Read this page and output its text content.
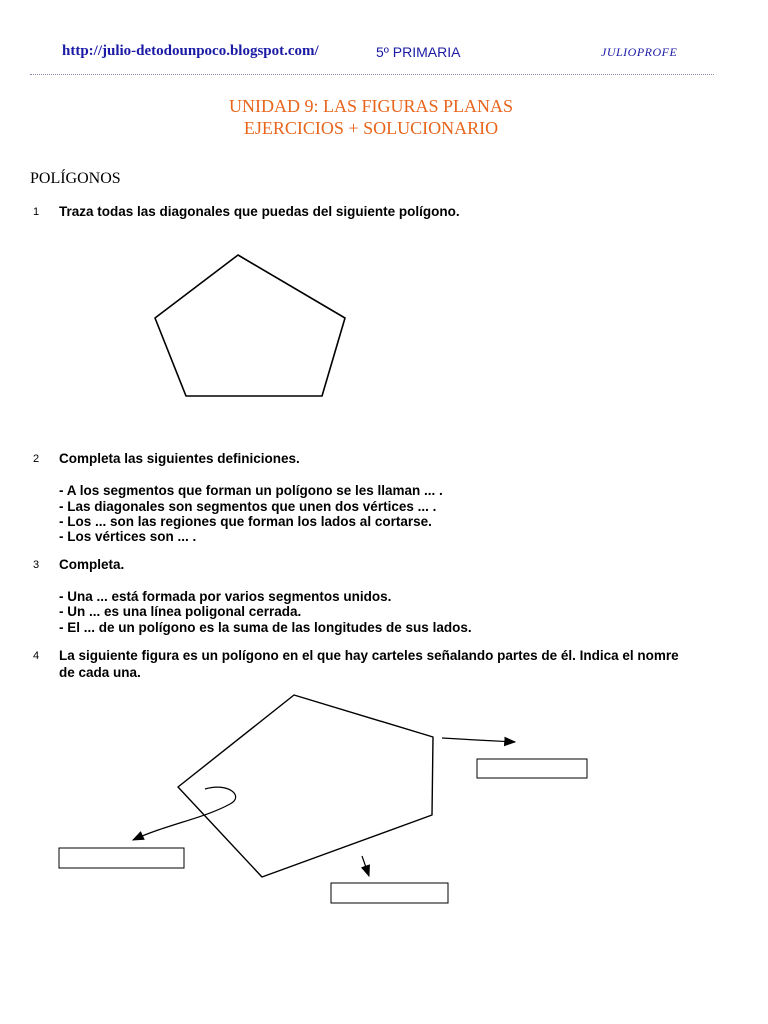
http://julio-detodounpoco.blogspot.com/	5º PRIMARIA	JULIOPROFE
UNIDAD 9: LAS FIGURAS PLANAS
EJERCICIOS + SOLUCIONARIO
POLÍGONOS
1 Traza todas las diagonales que puedas del siguiente polígono.
2 Completa las siguientes definiciones.
- A los segmentos que forman un polígono se les llaman ... .
- Las diagonales son segmentos que unen dos vértices ... .
- Los ... son las regiones que forman los lados al cortarse.
- Los vértices son ... .
3 Completa.
- Una ... está formada por varios segmentos unidos.
- Un ... es una línea poligonal cerrada.
- El ... de un polígono es la suma de las longitudes de sus lados.
4 La siguiente figura es un polígono en el que hay carteles señalando partes de él. Indica el nomre
de cada una.
